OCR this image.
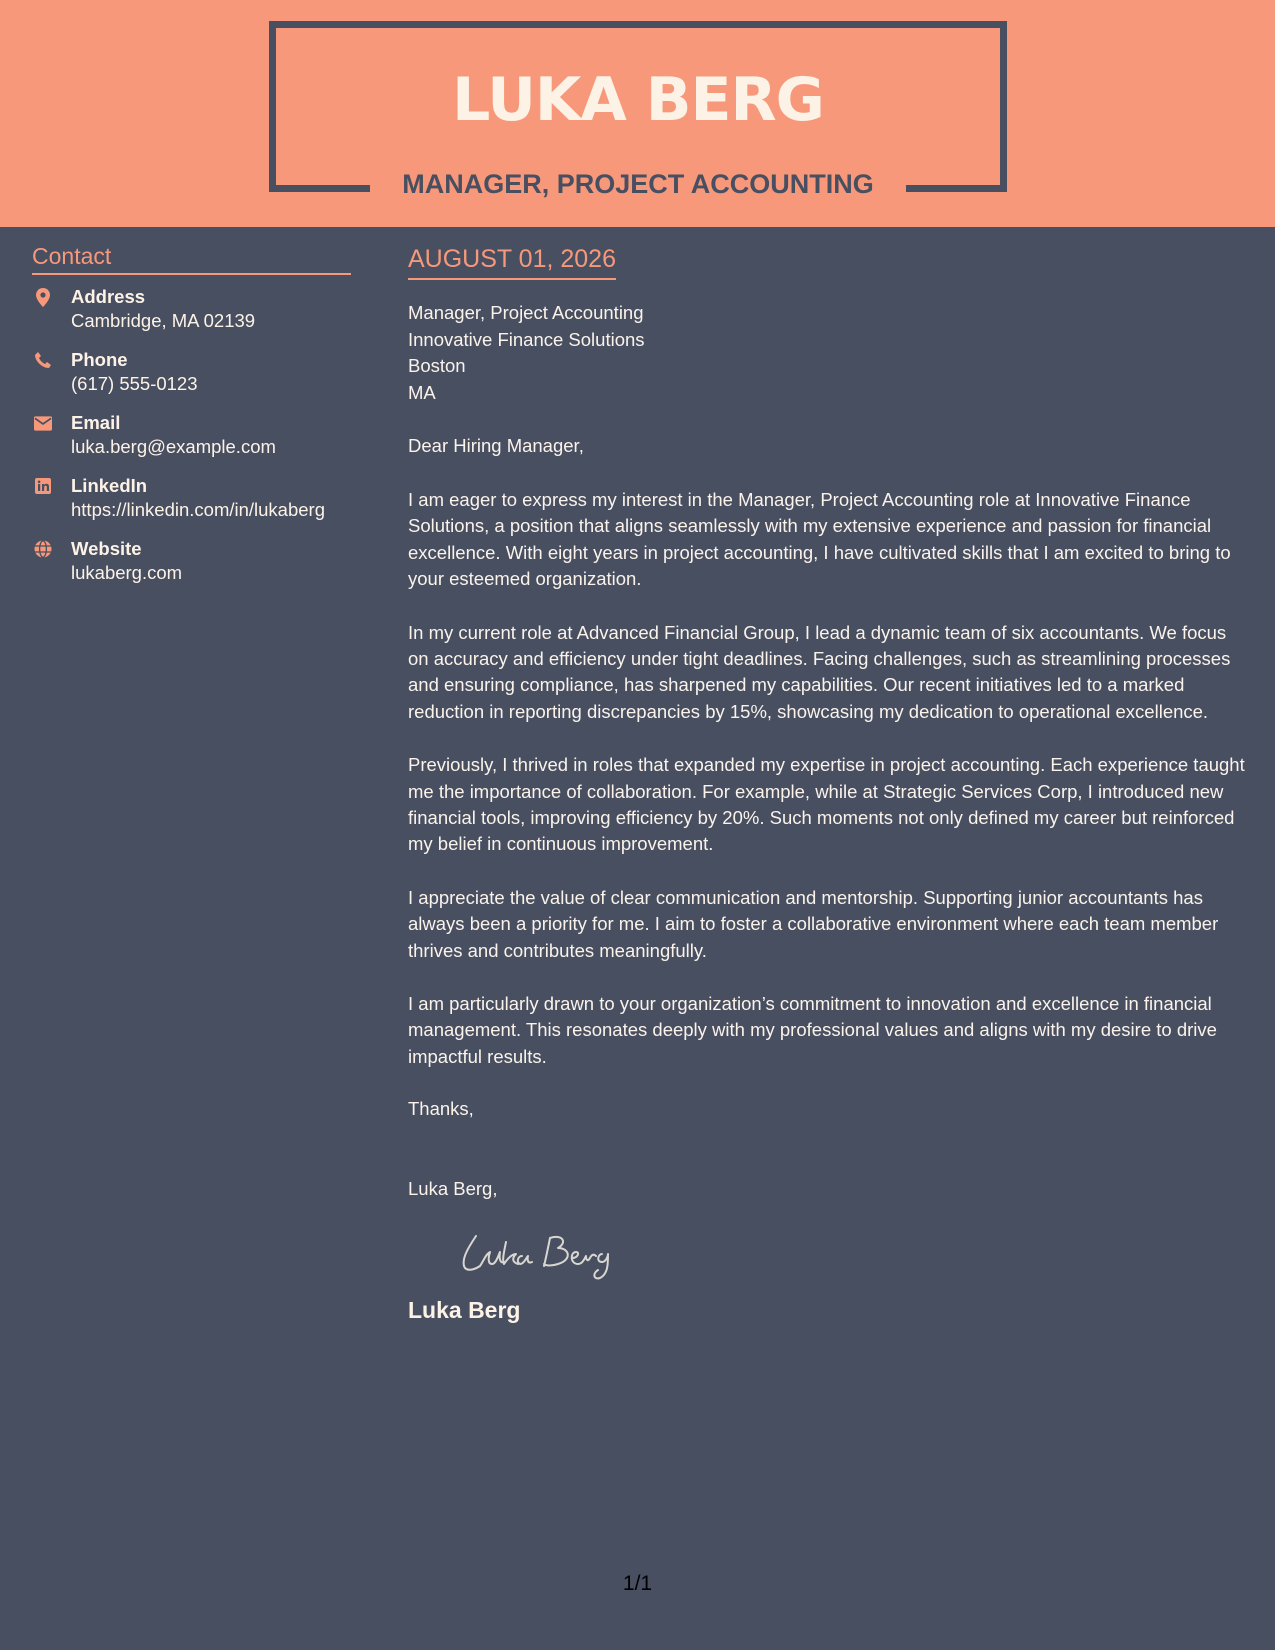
LUKA BERG
MANAGER, PROJECT ACCOUNTING
Contact
Address
Cambridge, MA 02139
Phone
(617) 555-0123
Email
luka.berg@example.com
LinkedIn
https://linkedin.com/in/lukaberg
Website
lukaberg.com
AUGUST 01, 2026
Manager, Project Accounting
Innovative Finance Solutions
Boston
MA
Dear Hiring Manager,

I am eager to express my interest in the Manager, Project Accounting role at Innovative Finance Solutions, a position that aligns seamlessly with my extensive experience and passion for financial excellence. With eight years in project accounting, I have cultivated skills that I am excited to bring to your esteemed organization.

In my current role at Advanced Financial Group, I lead a dynamic team of six accountants. We focus on accuracy and efficiency under tight deadlines. Facing challenges, such as streamlining processes and ensuring compliance, has sharpened my capabilities. Our recent initiatives led to a marked reduction in reporting discrepancies by 15%, showcasing my dedication to operational excellence.

Previously, I thrived in roles that expanded my expertise in project accounting. Each experience taught me the importance of collaboration. For example, while at Strategic Services Corp, I introduced new financial tools, improving efficiency by 20%. Such moments not only defined my career but reinforced my belief in continuous improvement.

I appreciate the value of clear communication and mentorship. Supporting junior accountants has always been a priority for me. I aim to foster a collaborative environment where each team member thrives and contributes meaningfully.

I am particularly drawn to your organization’s commitment to innovation and excellence in financial management. This resonates deeply with my professional values and aligns with my desire to drive impactful results.

Thanks,
Luka Berg,
Luka Berg
1/1
